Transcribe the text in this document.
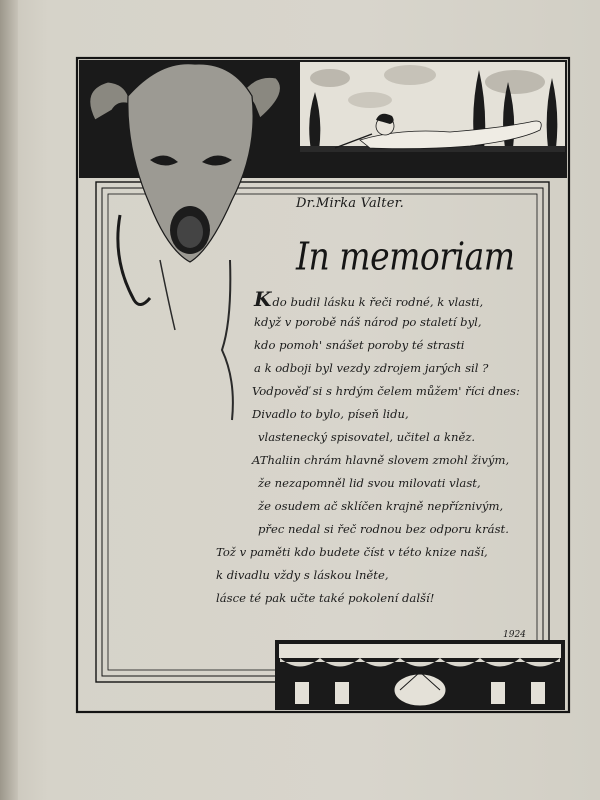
Dr.Mirka Valter.
In memoriam
Kdo budil lásku k řeči rodné, k vlasti,
když v porobě náš národ po staletí byl,
kdo pomoh' snášet poroby té strasti
a k odboji byl vezdy zdrojem jarých sil ?
Vodpověď si s hrdým čelem můžem' říci dnes:
Divadlo to bylo, píseň lidu,
vlastenecký spisovatel, učitel a kněz.
AThaliin chrám hlavně slovem zmohl živým,
že nezapomněl lid svou milovati vlast,
že osudem ač sklíčen krajně nepříznivým,
přec nedal si řeč rodnou bez odporu krást.
Tož v paměti kdo budete číst v této knize naší,
k divadlu vždy s láskou lněte,
lásce té pak učte také pokolení další!
1924
